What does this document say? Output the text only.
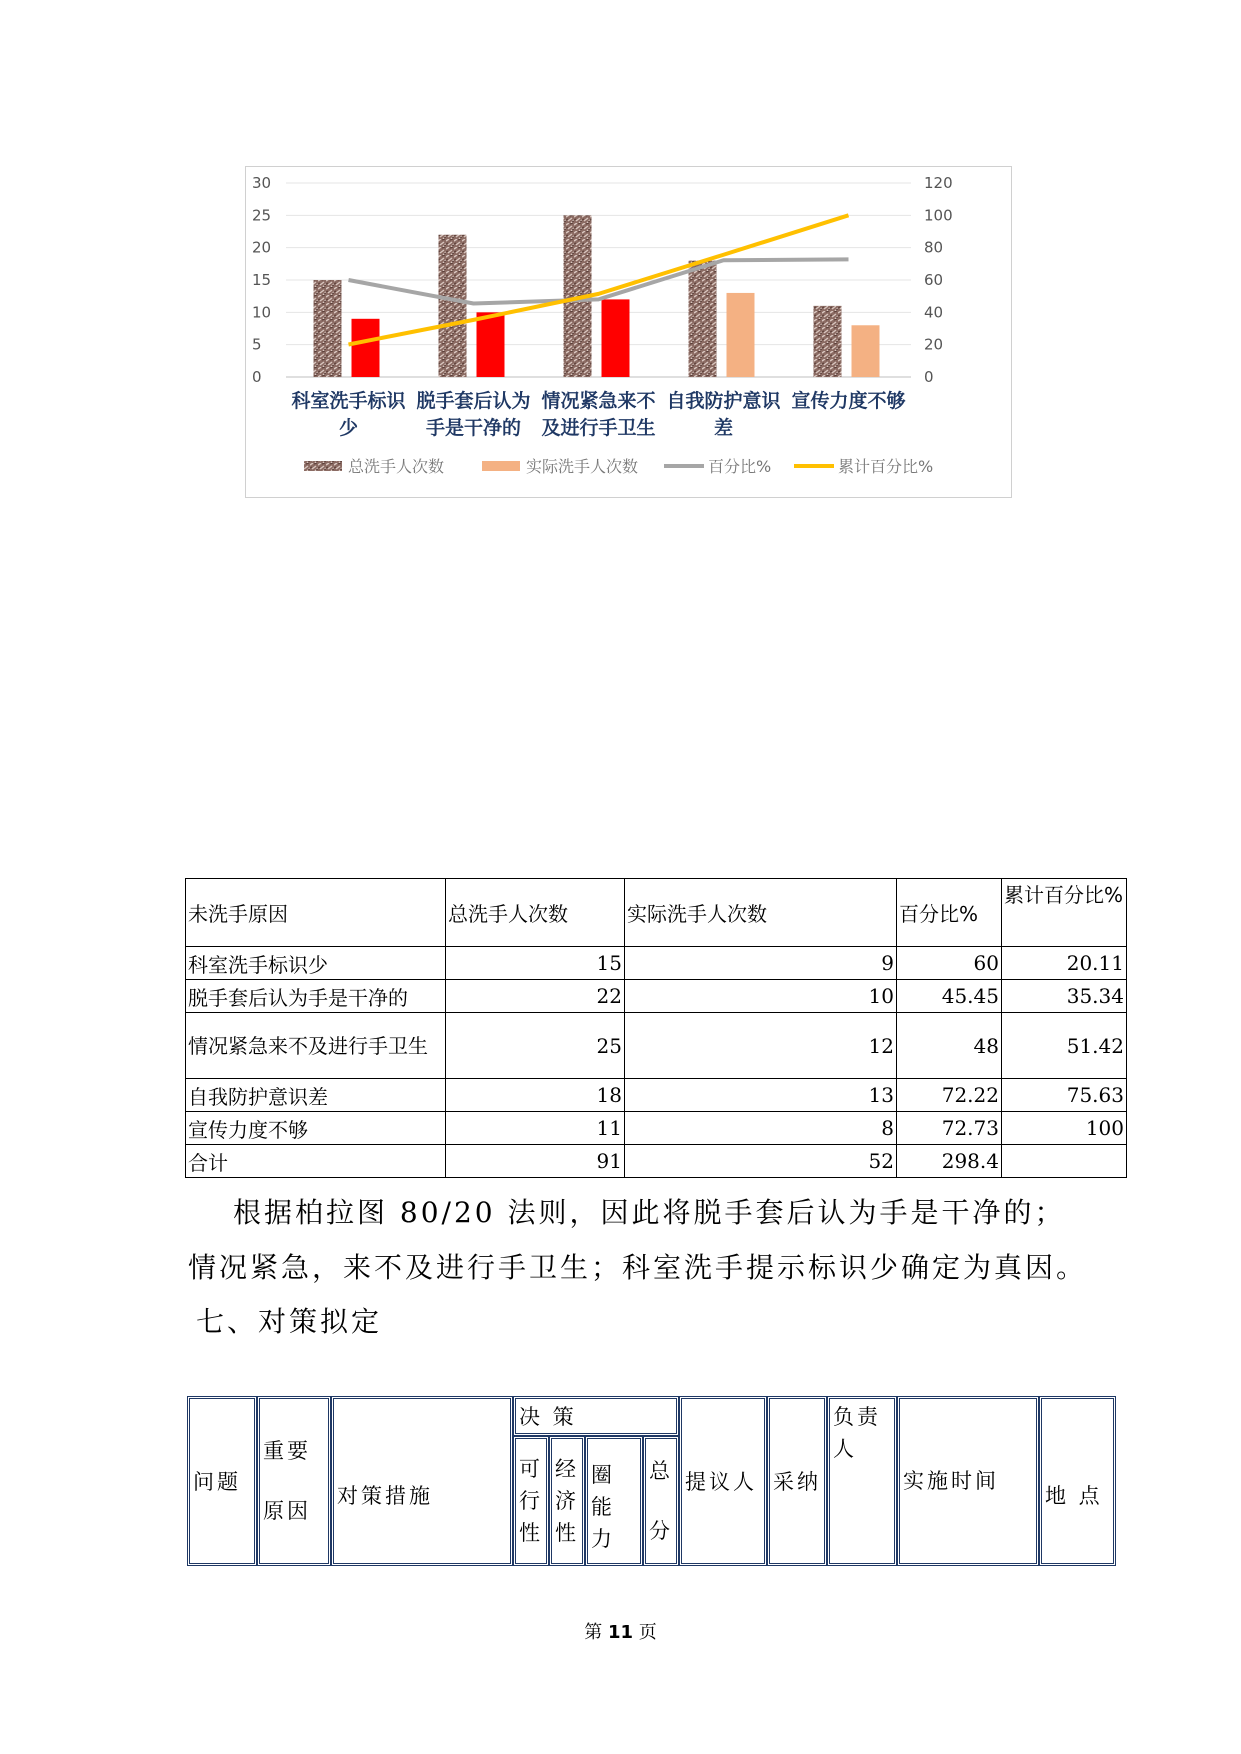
0
5
10
15
20
25
30
0
20
40
60
80
100
120
科室洗手标识
少
脱手套后认为
手是干净的
情况紧急来不
及进行手卫生
自我防护意识
差
宣传力度不够
总洗手人次数	实际洗手人次数	百分比%	累计百分比%
未洗手原因	总洗手人次数	实际洗手人次数	百分比%	累计百分比%
科室洗手标识少	15	9	60	20.11
脱手套后认为手是干净的	22	10	45.45	35.34
情况紧急来不及进行手卫生	25	12	48	51.42
自我防护意识差	18	13	72.22	75.63
宣传力度不够	11	8	72.73	100
合计	91	52	298.4	
根据柏拉图 80/20 法则，因此将脱手套后认为手是干净的；
情况紧急，来不及进行手卫生；科室洗手提示标识少确定为真因。
七、对策拟定
问题	重要原因	对策措施	决 策				提议人	采纳	负责人	实施时间	地 点
			可行性	经济性	圈能力	总分					
第 11 页
